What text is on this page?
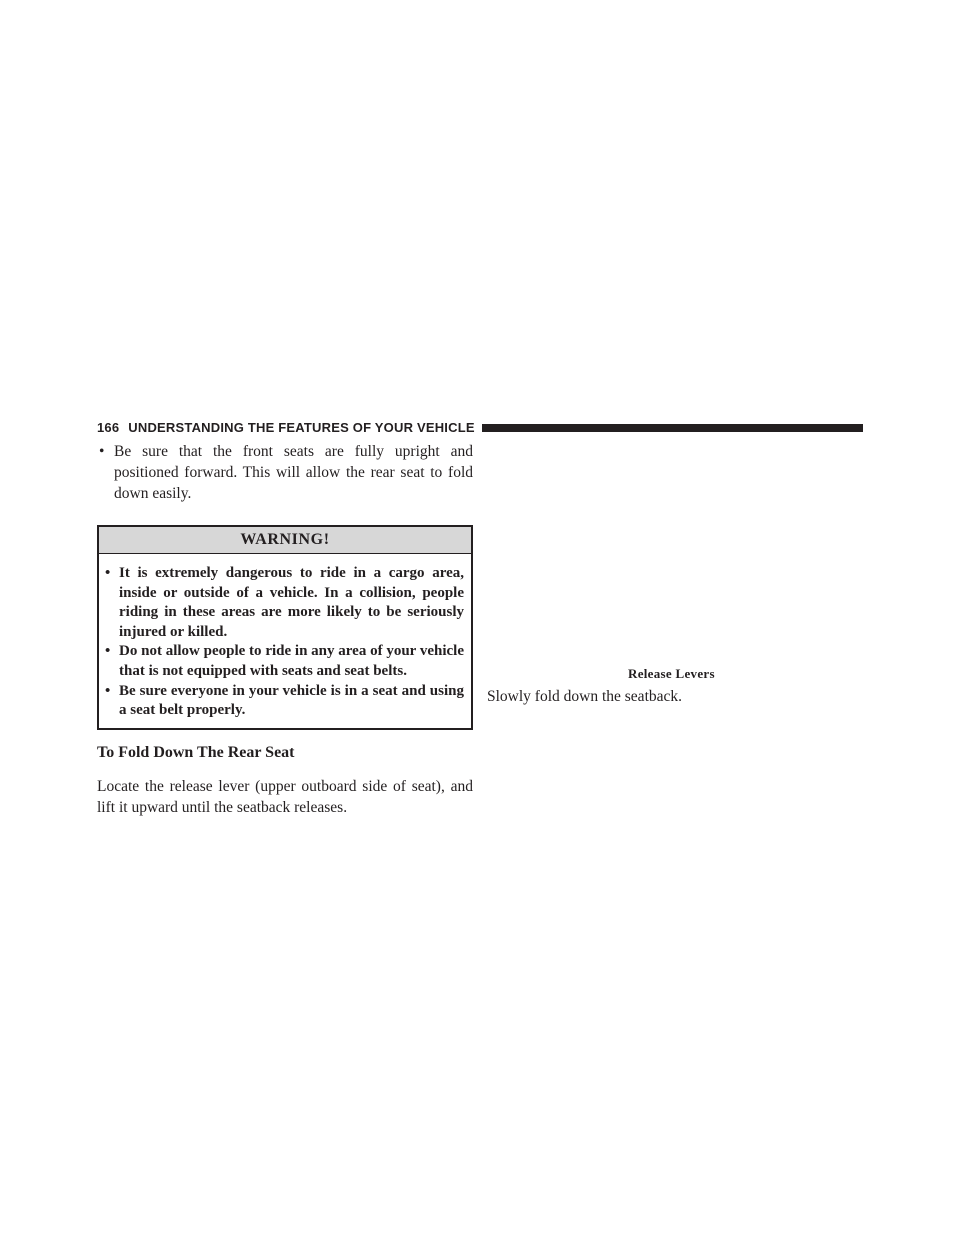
166 UNDERSTANDING THE FEATURES OF YOUR VEHICLE
• Be sure that the front seats are fully upright and positioned forward. This will allow the rear seat to fold down easily.
WARNING!
• It is extremely dangerous to ride in a cargo area, inside or outside of a vehicle. In a collision, people riding in these areas are more likely to be seriously injured or killed.
• Do not allow people to ride in any area of your vehicle that is not equipped with seats and seat belts.
• Be sure everyone in your vehicle is in a seat and using a seat belt properly.
To Fold Down The Rear Seat
Locate the release lever (upper outboard side of seat), and lift it upward until the seatback releases.
Release Levers
Slowly fold down the seatback.
